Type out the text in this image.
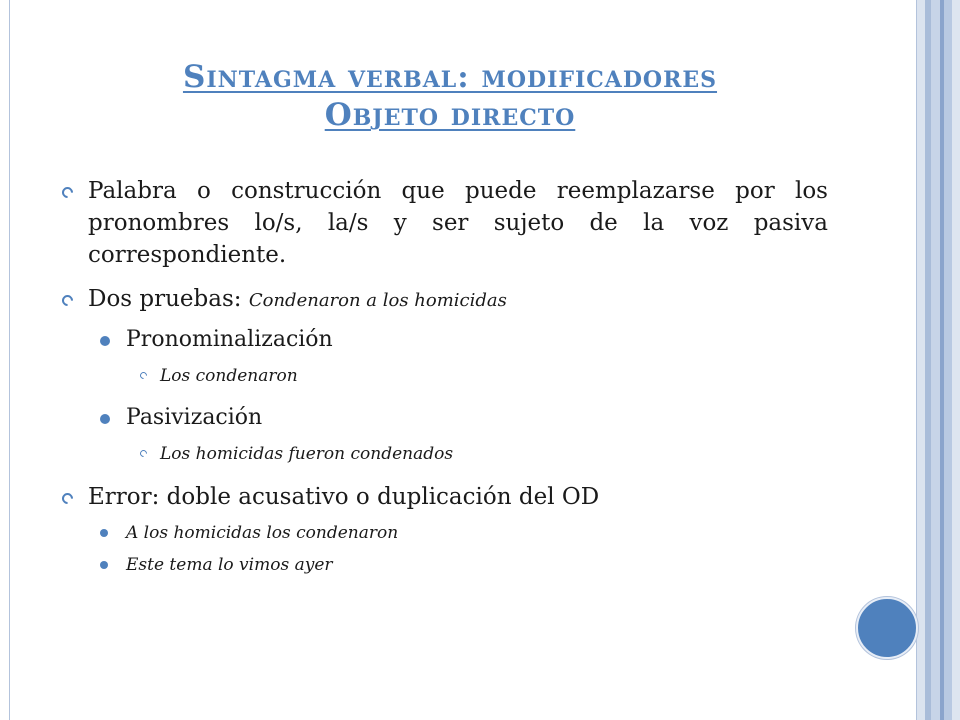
Sintagma verbal: modificadores
Objeto directo
Palabra o construcción que puede reemplazarse por los pronombres lo/s, la/s y ser sujeto de la voz pasiva correspondiente.
Dos pruebas: Condenaron a los homicidas
Pronominalización
Los condenaron
Pasivización
Los homicidas fueron condenados
Error: doble acusativo o duplicación del OD
A los homicidas los condenaron
Este tema lo vimos ayer
